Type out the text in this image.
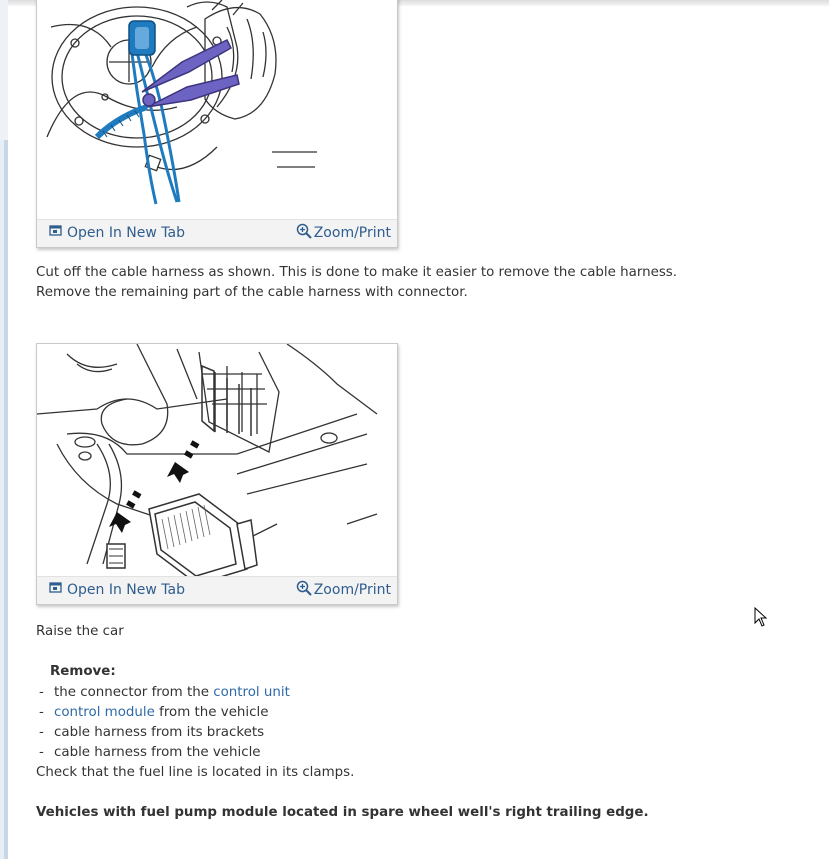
Open In New Tab	Zoom/Print
Cut off the cable harness as shown. This is done to make it easier to remove the cable harness.
Remove the remaining part of the cable harness with connector.
Open In New Tab	Zoom/Print
Raise the car
Remove:
- the connector from the control unit
- control module from the vehicle
- cable harness from its brackets
- cable harness from the vehicle
Check that the fuel line is located in its clamps.
Vehicles with fuel pump module located in spare wheel well's right trailing edge.
